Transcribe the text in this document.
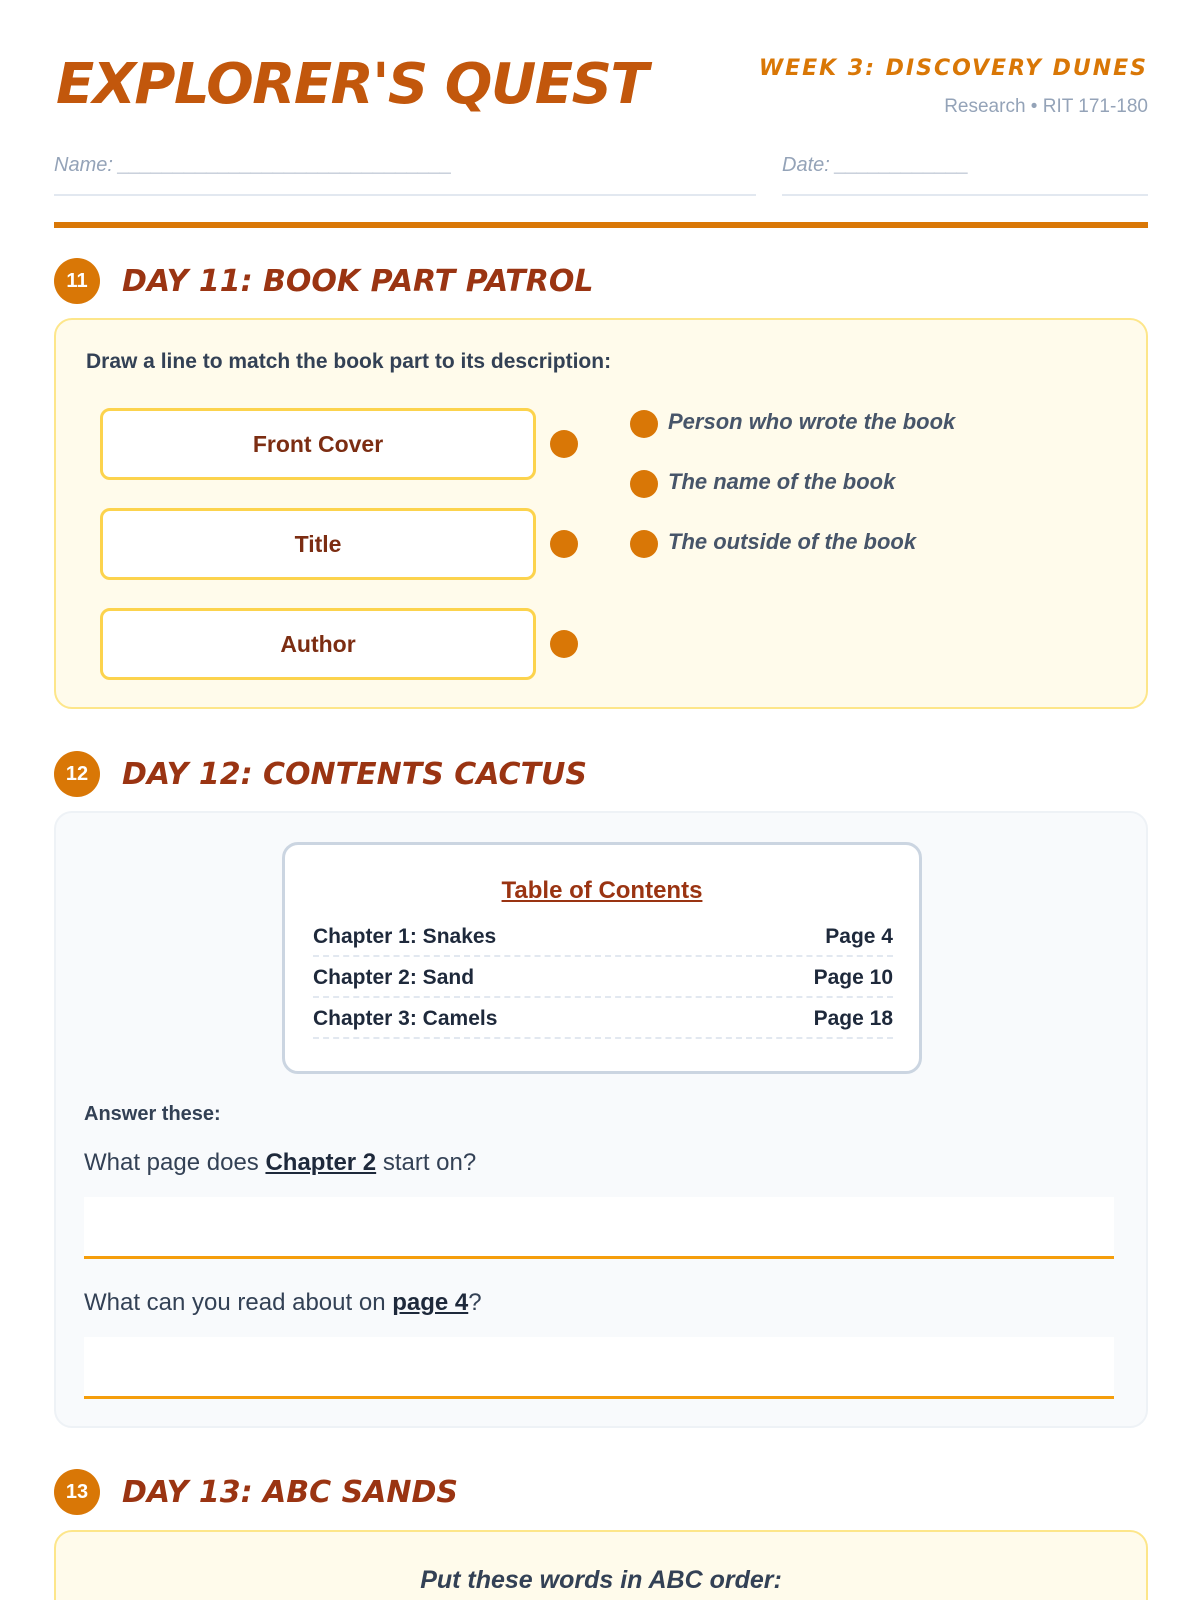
EXPLORER'S QUEST	WEEK 3: DISCOVERY DUNES
Research • RIT 171-180
Name: ______________________________	Date: ____________
11	DAY 11: BOOK PART PATROL
Draw a line to match the book part to its description:
Front Cover
Title
Author
Person who wrote the book
The name of the book
The outside of the book
12	DAY 12: CONTENTS CACTUS
Table of Contents
Chapter 1: Snakes	Page 4
Chapter 2: Sand	Page 10
Chapter 3: Camels	Page 18
Answer these:
What page does Chapter 2 start on?
What can you read about on page 4?
13	DAY 13: ABC SANDS
Put these words in ABC order:
